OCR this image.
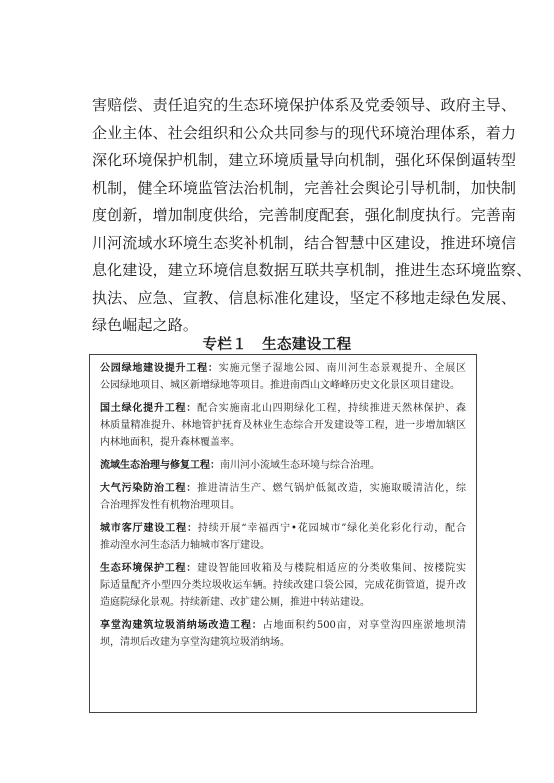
害赔偿、责任追究的生态环境保护体系及党委领导、政府主导、
企业主体、社会组织和公众共同参与的现代环境治理体系，着力
深化环境保护机制，建立环境质量导向机制，强化环保倒逼转型
机制，健全环境监管法治机制，完善社会舆论引导机制，加快制
度创新，增加制度供给，完善制度配套，强化制度执行。完善南
川河流域水环境生态奖补机制，结合智慧中区建设，推进环境信
息化建设，建立环境信息数据互联共享机制，推进生态环境监察、
执法、应急、宣教、信息标准化建设，坚定不移地走绿色发展、
绿色崛起之路。
专栏１　生态建设工程
公园绿地建设提升工程：实施元堡子湿地公园、南川河生态景观提升、全展区
公园绿地项目、城区新增绿地等项目。推进南酉山文峰峰历史文化景区项目建设。
国土绿化提升工程：配合实施南北山四期绿化工程，持续推进天然林保护、森
林质量精准提升、林地管护抚育及林业生态综合开发建设等工程，进一步增加辖区
内林地面积，提升森林覆盖率。
流域生态治理与修复工程：南川河小流域生态环境与综合治理。
大气污染防治工程：推进清洁生产、燃气锅炉低氮改造，实施取暖清洁化，综
合治理挥发性有机物治理项目。
城市客厅建设工程：持续开展“幸福西宁•花园城市”绿化美化彩化行动，配合
推动湟水河生态活力轴城市客厅建设。
生态环境保护工程：建设智能回收箱及与楼院相适应的分类收集间、按楼院实
际适量配齐小型四分类垃圾收运车辆。持续改建口袋公园，完成花街管道，提升改
造庭院绿化景观。持续新建、改扩建公厕，推进中转站建设。
享堂沟建筑垃圾消纳场改造工程：占地面积约500亩，对享堂沟四座淤地坝清
坝，清坝后改建为享堂沟建筑垃圾消纳场。
